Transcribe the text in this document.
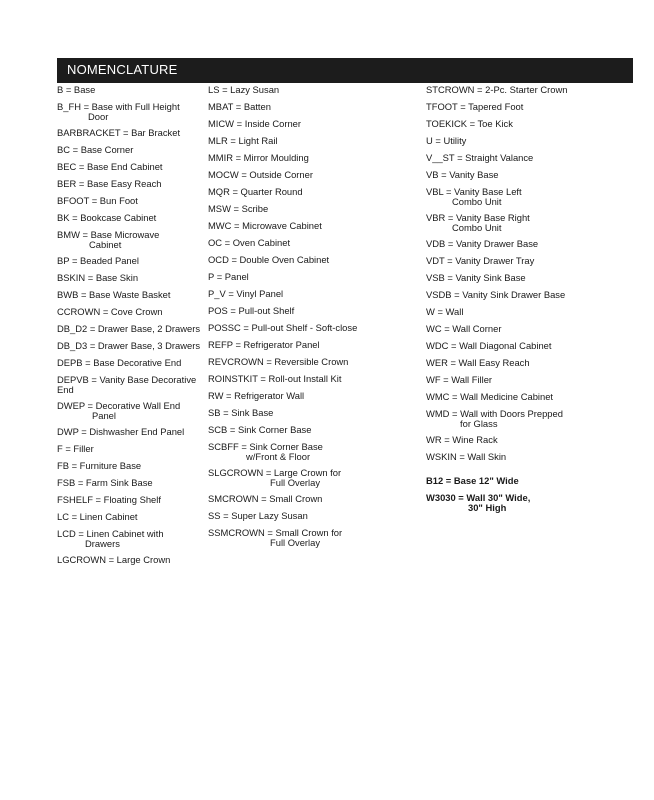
NOMENCLATURE
B = Base
B_FH = Base with Full Height
Door
BARBRACKET = Bar Bracket
BC = Base Corner
BEC = Base End Cabinet
BER = Base Easy Reach
BFOOT = Bun Foot
BK = Bookcase Cabinet
BMW = Base Microwave
Cabinet
BP = Beaded Panel
BSKIN = Base Skin
BWB = Base Waste Basket
CCROWN = Cove Crown
DB_D2 = Drawer Base, 2 Drawers
DB_D3 = Drawer Base, 3 Drawers
DEPB = Base Decorative End
DEPVB = Vanity Base Decorative
End
DWEP = Decorative Wall End
Panel
DWP = Dishwasher End Panel
F = Filler
FB = Furniture Base
FSB = Farm Sink Base
FSHELF = Floating Shelf
LC = Linen Cabinet
LCD = Linen Cabinet with
Drawers
LGCROWN = Large Crown
LS = Lazy Susan
MBAT = Batten
MICW = Inside Corner
MLR = Light Rail
MMIR = Mirror Moulding
MOCW = Outside Corner
MQR = Quarter Round
MSW = Scribe
MWC = Microwave Cabinet
OC = Oven Cabinet
OCD = Double Oven Cabinet
P = Panel
P_V = Vinyl Panel
POS = Pull-out Shelf
POSSC = Pull-out Shelf - Soft-close
REFP = Refrigerator Panel
REVCROWN = Reversible Crown
ROINSTKIT = Roll-out Install Kit
RW = Refrigerator Wall
SB = Sink Base
SCB = Sink Corner Base
SCBFF = Sink Corner Base
w/Front & Floor
SLGCROWN = Large Crown for
Full Overlay
SMCROWN = Small Crown
SS = Super Lazy Susan
SSMCROWN = Small Crown for
Full Overlay
STCROWN = 2-Pc. Starter Crown
TFOOT = Tapered Foot
TOEKICK = Toe Kick
U = Utility
V__ST = Straight Valance
VB = Vanity Base
VBL = Vanity Base Left
Combo Unit
VBR = Vanity Base Right
Combo Unit
VDB = Vanity Drawer Base
VDT = Vanity Drawer Tray
VSB = Vanity Sink Base
VSDB = Vanity Sink Drawer Base
W = Wall
WC = Wall Corner
WDC = Wall Diagonal Cabinet
WER = Wall Easy Reach
WF = Wall Filler
WMC = Wall Medicine Cabinet
WMD = Wall with Doors Prepped
for Glass
WR = Wine Rack
WSKIN = Wall Skin
B12 = Base 12" Wide
W3030 = Wall 30" Wide,
30" High
